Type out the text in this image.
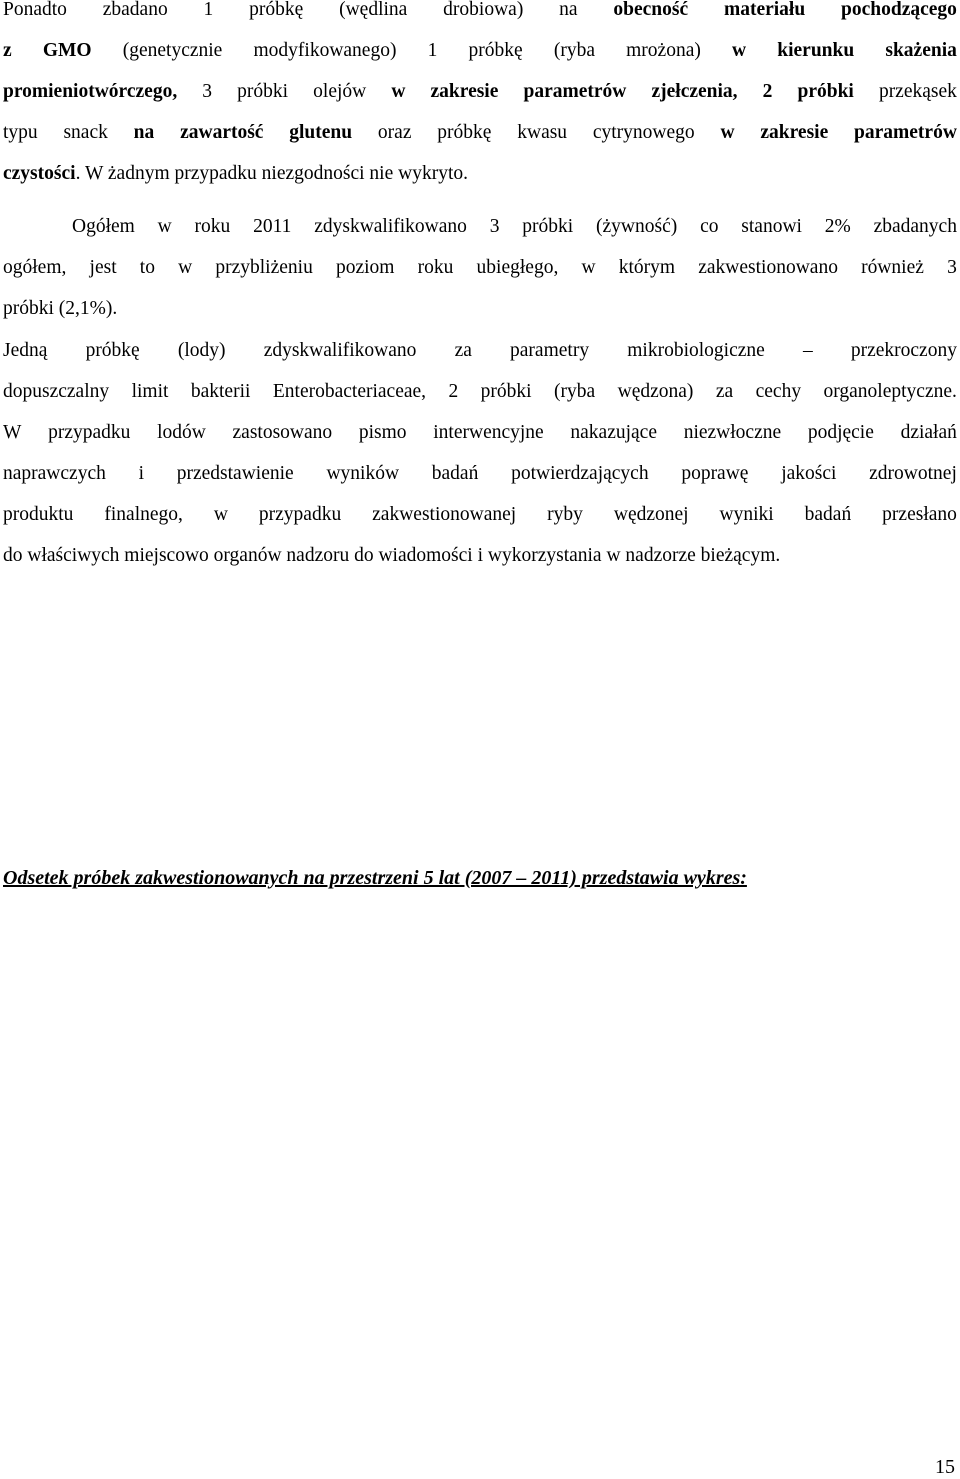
Ponadto zbadano 1 próbkę (wędlina drobiowa) na obecność materiału pochodzącego
z GMO (genetycznie modyfikowanego) 1 próbkę (ryba mrożona) w kierunku skażenia
promieniotwórczego, 3 próbki olejów w zakresie parametrów zjełczenia, 2 próbki przekąsek
typu snack na zawartość glutenu oraz próbkę kwasu cytrynowego w zakresie parametrów
czystości. W żadnym przypadku niezgodności nie wykryto.
Ogółem w roku 2011 zdyskwalifikowano 3 próbki (żywność) co stanowi 2% zbadanych
ogółem, jest to w przybliżeniu poziom roku ubiegłego, w którym zakwestionowano również 3
próbki (2,1%).
Jedną próbkę (lody) zdyskwalifikowano za parametry mikrobiologiczne – przekroczony
dopuszczalny limit bakterii Enterobacteriaceae, 2 próbki (ryba wędzona) za cechy organoleptyczne.
W przypadku lodów zastosowano pismo interwencyjne nakazujące niezwłoczne podjęcie działań
naprawczych i przedstawienie wyników badań potwierdzających poprawę jakości zdrowotnej
produktu finalnego, w przypadku zakwestionowanej ryby wędzonej wyniki badań przesłano
do właściwych miejscowo organów nadzoru do wiadomości i wykorzystania w nadzorze bieżącym.

Odsetek próbek zakwestionowanych na przestrzeni 5 lat (2007 – 2011) przedstawia wykres:

15
